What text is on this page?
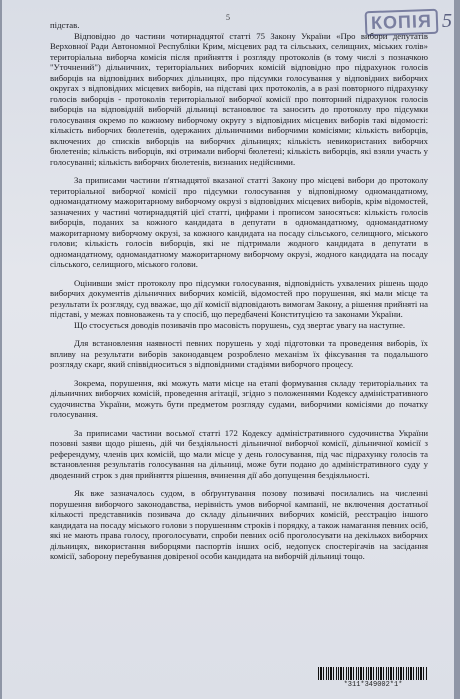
5	КОПІЯ 5

підстав.

Відповідно до частини чотирнадцятої статті 75 Закону України «Про вибори депутатів Верховної Ради Автономної Республіки Крим, місцевих рад та сільських, селищних, міських голів» територіальна виборча комісія після прийняття і розгляду протоколів (в тому числі з позначкою "Уточнений") дільничних, територіальних виборчих комісій відповідно про підрахунок голосів виборців на відповідних виборчих дільницях, про підсумки голосування у відповідних виборчих округах з відповідних місцевих виборів, на підставі цих протоколів, а в разі повторного підрахунку голосів виборців - протоколів територіальної виборчої комісії про повторний підрахунок голосів виборців на відповідній виборчій дільниці встановлює та заносить до протоколу про підсумки голосування окремо по кожному виборчому округу з відповідних місцевих виборів такі відомості: кількість виборчих бюлетенів, одержаних дільничними виборчими комісіями; кількість виборців, включених до списків виборців на виборчих дільницях; кількість невикористаних виборчих бюлетенів; кількість виборців, які отримали виборчі бюлетені; кількість виборців, які взяли участь у голосуванні; кількість виборчих бюлетенів, визнаних недійсними.

За приписами частини п'ятнадцятої вказаної статті Закону про місцеві вибори до протоколу територіальної виборчої комісії про підсумки голосування у відповідному одномандатному, одномандатному мажоритарному виборчому окрузі з відповідних місцевих виборів, крім відомостей, зазначених у частині чотирнадцятій цієї статті, цифрами і прописом заносяться: кількість голосів виборців, поданих за кожного кандидата в депутати в одномандатному, одномандатному мажоритарному виборчому окрузі, за кожного кандидата на посаду сільського, селищного, міського голови; кількість голосів виборців, які не підтримали жодного кандидата в депутати в одномандатному, одномандатному мажоритарному виборчому окрузі, жодного кандидата на посаду сільського, селищного, міського голови.

Оцінивши зміст протоколу про підсумки голосування, відповідність ухвалених рішень щодо виборчих документів дільничних виборчих комісій, відомостей про порушення, які мали місце та результати їх розгляду, суд вважає, що дії комісії відповідають вимогам Закону, а рішення прийняті на підставі, у межах повноважень та у спосіб, що передбачені Конституцією та законами України.

Що стосується доводів позивачів про масовість порушень, суд звертає увагу на наступне.

Для встановлення наявності певних порушень у ході підготовки та проведення виборів, їх впливу на результати виборів законодавцем розроблено механізм їх фіксування та подальшого розгляду скарг, який співвідноситься з відповідними стадіями виборчого процесу.

Зокрема, порушення, які можуть мати місце на етапі формування складу територіальних та дільничних виборчих комісій, проведення агітації, згідно з положеннями Кодексу адміністративного судочинства України, можуть бути предметом розгляду судами, виборчими комісіями до початку голосування.

За приписами частини восьмої статті 172 Кодексу адміністративного судочинства України позовні заяви щодо рішень, дій чи бездіяльності дільничної виборчої комісії, дільничної комісії з референдуму, членів цих комісій, що мали місце у день голосування, під час підрахунку голосів та встановлення результатів голосування на дільниці, може бути подано до адміністративного суду у дводенний строк з дня прийняття рішення, вчинення дії або допущення бездіяльності.

Як вже зазначалось судом, в обґрунтування позову позивачі посилались на численні порушення виборчого законодавства, нерівність умов виборчої кампанії, не включення достатньої кількості представників позивача до складу дільничних виборчих комісій, реєстрацію іншого кандидата на посаду міського голови з порушенням строків і порядку, а також намагання певних осіб, які не мають права голосу, проголосувати, спроби певних осіб проголосувати на декількох виборчих дільницях, використання виборцями паспортів інших осіб, недопуск спостерігачів на засідання комісії, заборону перебування довіреної особи кандидата на виборчій дільниці тощо.

*311*349002*1*
